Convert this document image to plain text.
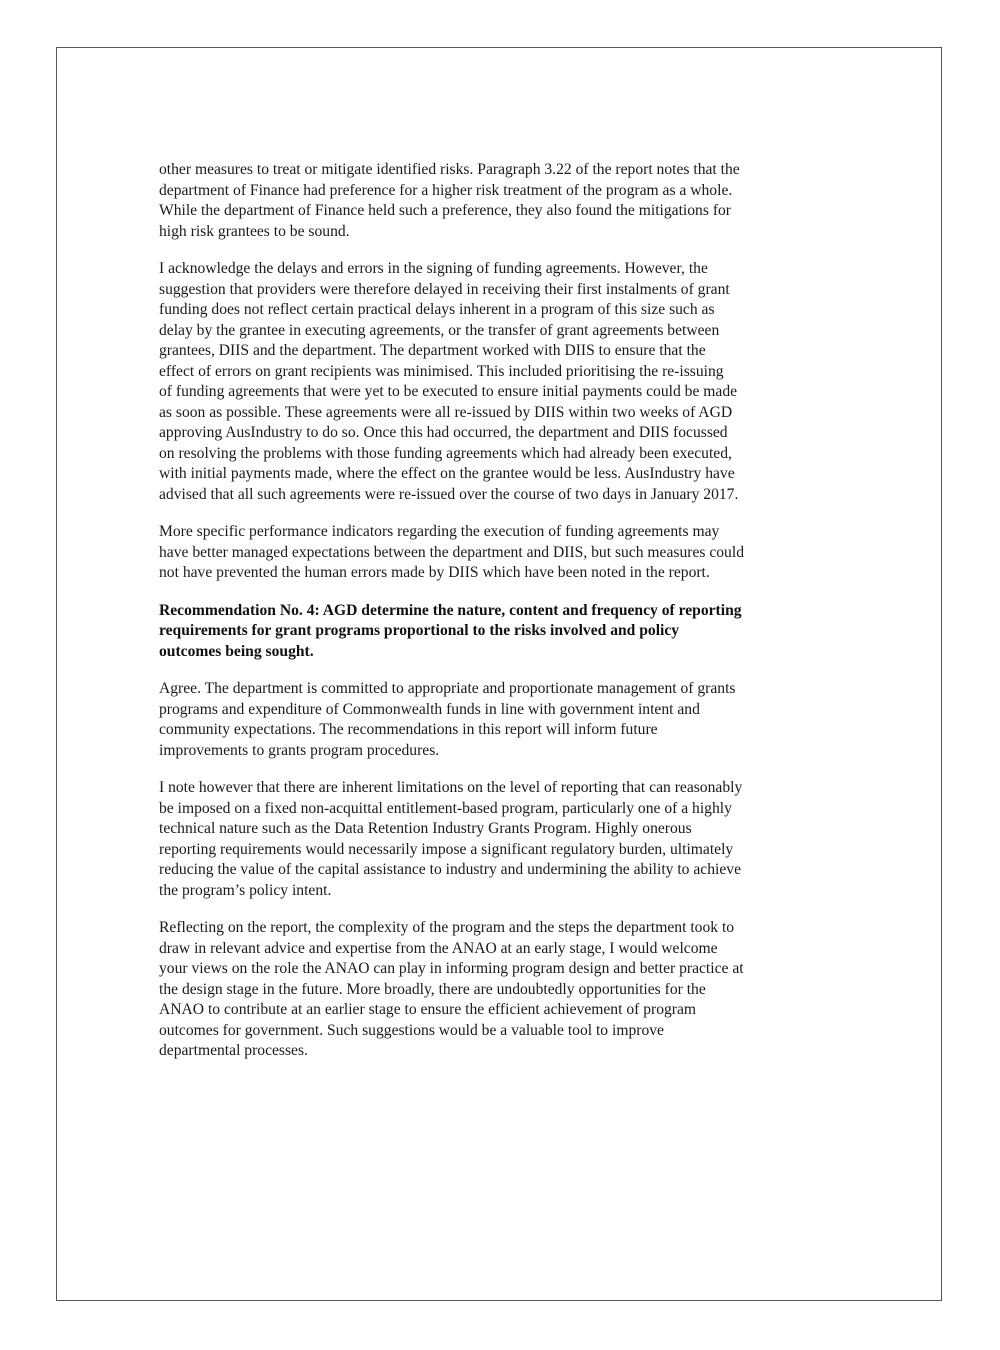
other measures to treat or mitigate identified risks. Paragraph 3.22 of the report notes that the
department of Finance had preference for a higher risk treatment of the program as a whole.
While the department of Finance held such a preference, they also found the mitigations for
high risk grantees to be sound.

I acknowledge the delays and errors in the signing of funding agreements. However, the
suggestion that providers were therefore delayed in receiving their first instalments of grant
funding does not reflect certain practical delays inherent in a program of this size such as
delay by the grantee in executing agreements, or the transfer of grant agreements between
grantees, DIIS and the department. The department worked with DIIS to ensure that the
effect of errors on grant recipients was minimised. This included prioritising the re-issuing
of funding agreements that were yet to be executed to ensure initial payments could be made
as soon as possible. These agreements were all re-issued by DIIS within two weeks of AGD
approving AusIndustry to do so. Once this had occurred, the department and DIIS focussed
on resolving the problems with those funding agreements which had already been executed,
with initial payments made, where the effect on the grantee would be less. AusIndustry have
advised that all such agreements were re-issued over the course of two days in January 2017.

More specific performance indicators regarding the execution of funding agreements may
have better managed expectations between the department and DIIS, but such measures could
not have prevented the human errors made by DIIS which have been noted in the report.

Recommendation No. 4: AGD determine the nature, content and frequency of reporting
requirements for grant programs proportional to the risks involved and policy
outcomes being sought.

Agree. The department is committed to appropriate and proportionate management of grants
programs and expenditure of Commonwealth funds in line with government intent and
community expectations. The recommendations in this report will inform future
improvements to grants program procedures.

I note however that there are inherent limitations on the level of reporting that can reasonably
be imposed on a fixed non-acquittal entitlement-based program, particularly one of a highly
technical nature such as the Data Retention Industry Grants Program. Highly onerous
reporting requirements would necessarily impose a significant regulatory burden, ultimately
reducing the value of the capital assistance to industry and undermining the ability to achieve
the program’s policy intent.

Reflecting on the report, the complexity of the program and the steps the department took to
draw in relevant advice and expertise from the ANAO at an early stage, I would welcome
your views on the role the ANAO can play in informing program design and better practice at
the design stage in the future. More broadly, there are undoubtedly opportunities for the
ANAO to contribute at an earlier stage to ensure the efficient achievement of program
outcomes for government. Such suggestions would be a valuable tool to improve
departmental processes.
